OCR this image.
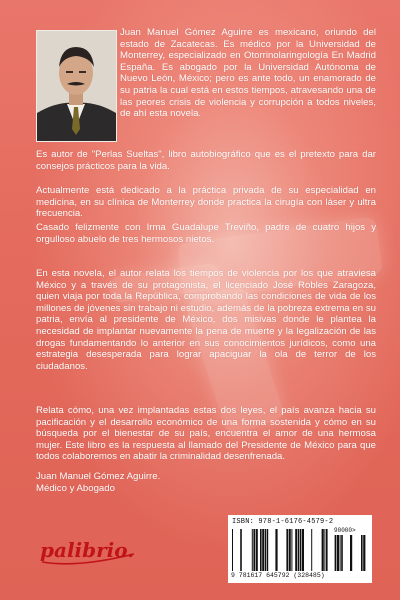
Juan Manuel Gómez Aguirre es mexicano, oriundo del estado de Zacatecas. Es médico por la Universidad de Monterrey, especializado en Otorrinolaringología En Madrid España. Es abogado por la Universidad Autónoma de Nuevo León, México; pero es ante todo, un enamorado de su patria la cual está en estos tiempos, atravesando una de las peores crisis de violencia y corrupción a todos niveles, de ahí esta novela.

Es autor de "Perlas Sueltas", libro autobiográfico que es el pretexto para dar consejos prácticos para la vida.

Actualmente está dedicado a la práctica privada de su especialidad en medicina, en su clínica de Monterrey donde practica la cirugía con láser y ultra frecuencia.

Casado felizmente con Irma Guadalupe Treviño, padre de cuatro hijos y orgulloso abuelo de tres hermosos nietos.

En esta novela, el autor relata los tiempos de violencia por los que atraviesa México y a través de su protagonista, el licenciado José Robles Zaragoza, quien viaja por toda la República, comprobando las condiciones de vida de los millones de jóvenes sin trabajo ni estudio, además de la pobreza extrema en su patria, envía al presidente de México, dos misivas donde le plantea la necesidad de implantar nuevamente la pena de muerte y la legalización de las drogas fundamentando lo anterior en sus conocimientos jurídicos, como una estrategia desesperada para lograr apaciguar la ola de terror de los ciudadanos.

Relata cómo, una vez implantadas estas dos leyes, el país avanza hacia su pacificación y el desarrollo económico de una forma sostenida y cómo en su búsqueda por el bienestar de su país, encuentra el amor de una hermosa mujer. Este libro es la respuesta al llamado del Presidente de México para que todos colaboremos en abatir la criminalidad desenfrenada.

Juan Manuel Gómez Aguirre.
Médico y Abogado
palibrio.
ISBN: 978-1-6176-4579-2
90000>
9 781617 645792 (328485)
